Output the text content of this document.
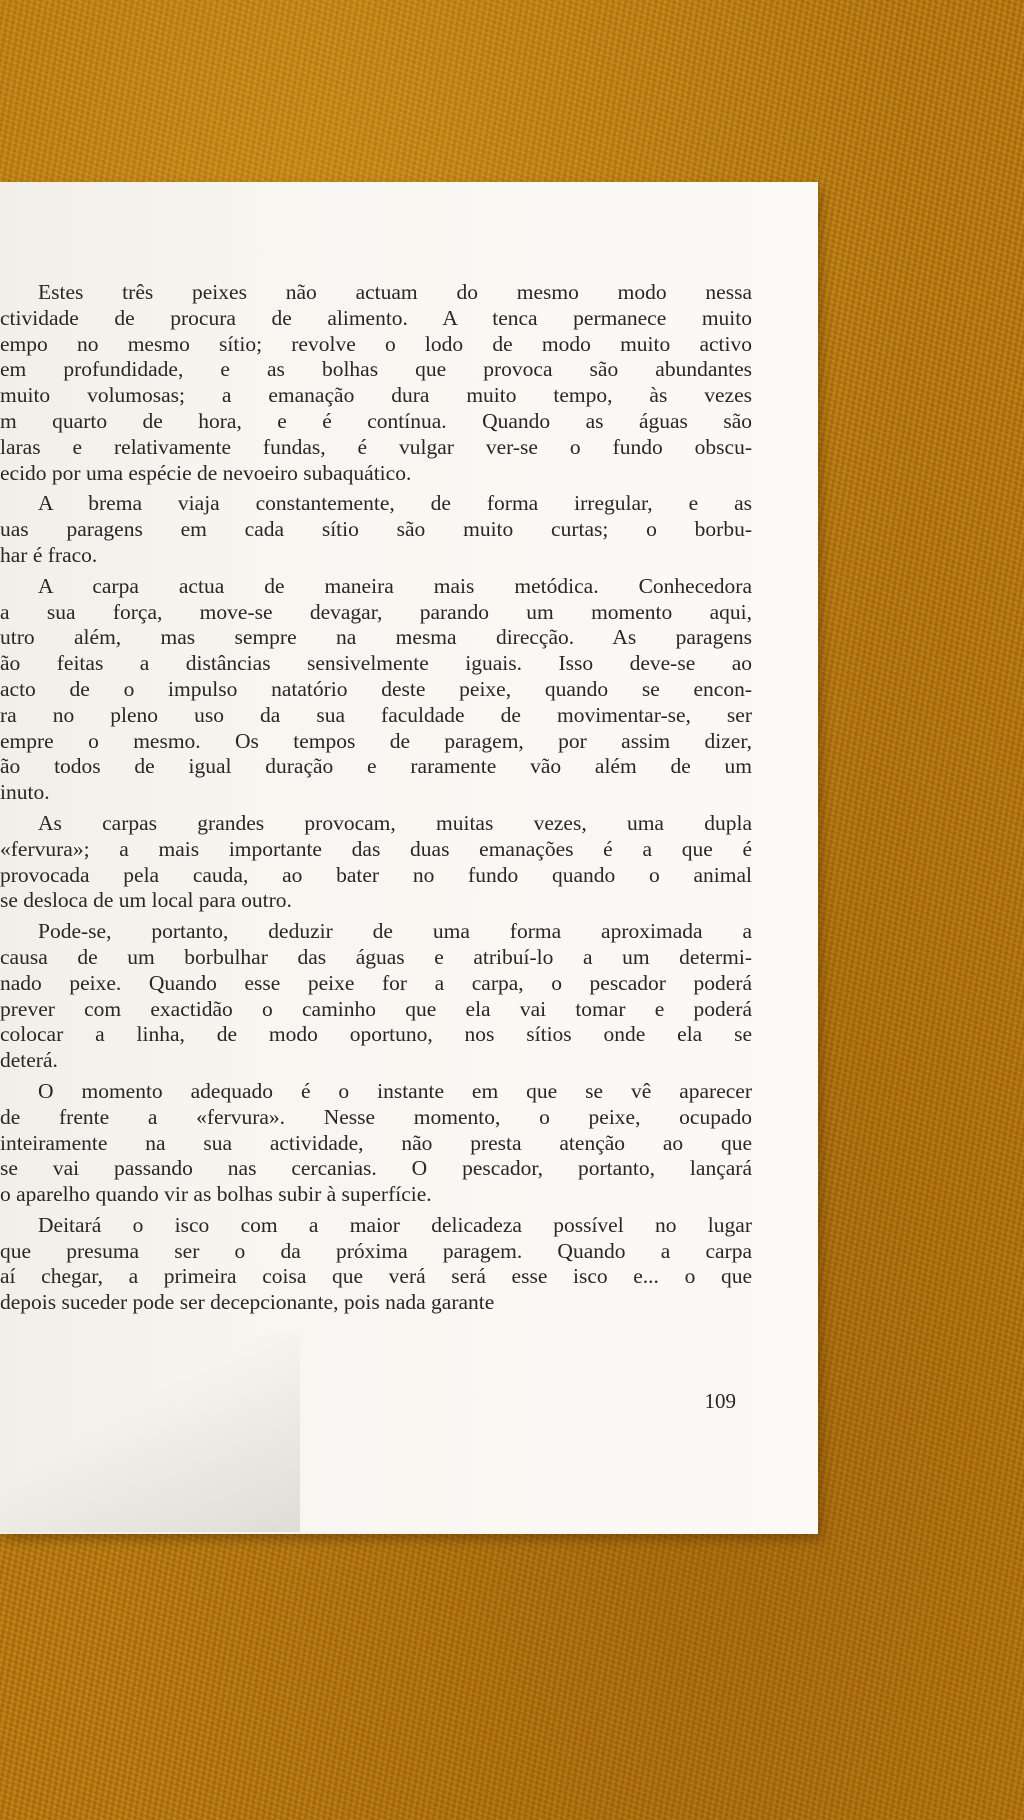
Estes três peixes não actuam do mesmo modo nessa
ctividade de procura de alimento. A tenca permanece muito
empo no mesmo sítio; revolve o lodo de modo muito activo
em profundidade, e as bolhas que provoca são abundantes
muito volumosas; a emanação dura muito tempo, às vezes
m quarto de hora, e é contínua. Quando as águas são
laras e relativamente fundas, é vulgar ver-se o fundo obscu-
ecido por uma espécie de nevoeiro subaquático.
A brema viaja constantemente, de forma irregular, e as
uas paragens em cada sítio são muito curtas; o borbu-
har é fraco.
A carpa actua de maneira mais metódica. Conhecedora
a sua força, move-se devagar, parando um momento aqui,
utro além, mas sempre na mesma direcção. As paragens
ão feitas a distâncias sensivelmente iguais. Isso deve-se ao
acto de o impulso natatório deste peixe, quando se encon-
ra no pleno uso da sua faculdade de movimentar-se, ser
empre o mesmo. Os tempos de paragem, por assim dizer,
ão todos de igual duração e raramente vão além de um
inuto.
As carpas grandes provocam, muitas vezes, uma dupla
«fervura»; a mais importante das duas emanações é a que é
provocada pela cauda, ao bater no fundo quando o animal
se desloca de um local para outro.
Pode-se, portanto, deduzir de uma forma aproximada a
causa de um borbulhar das águas e atribuí-lo a um determi-
nado peixe. Quando esse peixe for a carpa, o pescador poderá
prever com exactidão o caminho que ela vai tomar e poderá
colocar a linha, de modo oportuno, nos sítios onde ela se
deterá.
O momento adequado é o instante em que se vê aparecer
de frente a «fervura». Nesse momento, o peixe, ocupado
inteiramente na sua actividade, não presta atenção ao que
se vai passando nas cercanias. O pescador, portanto, lançará
o aparelho quando vir as bolhas subir à superfície.
Deitará o isco com a maior delicadeza possível no lugar
que presuma ser o da próxima paragem. Quando a carpa
aí chegar, a primeira coisa que verá será esse isco e... o que
depois suceder pode ser decepcionante, pois nada garante
109
